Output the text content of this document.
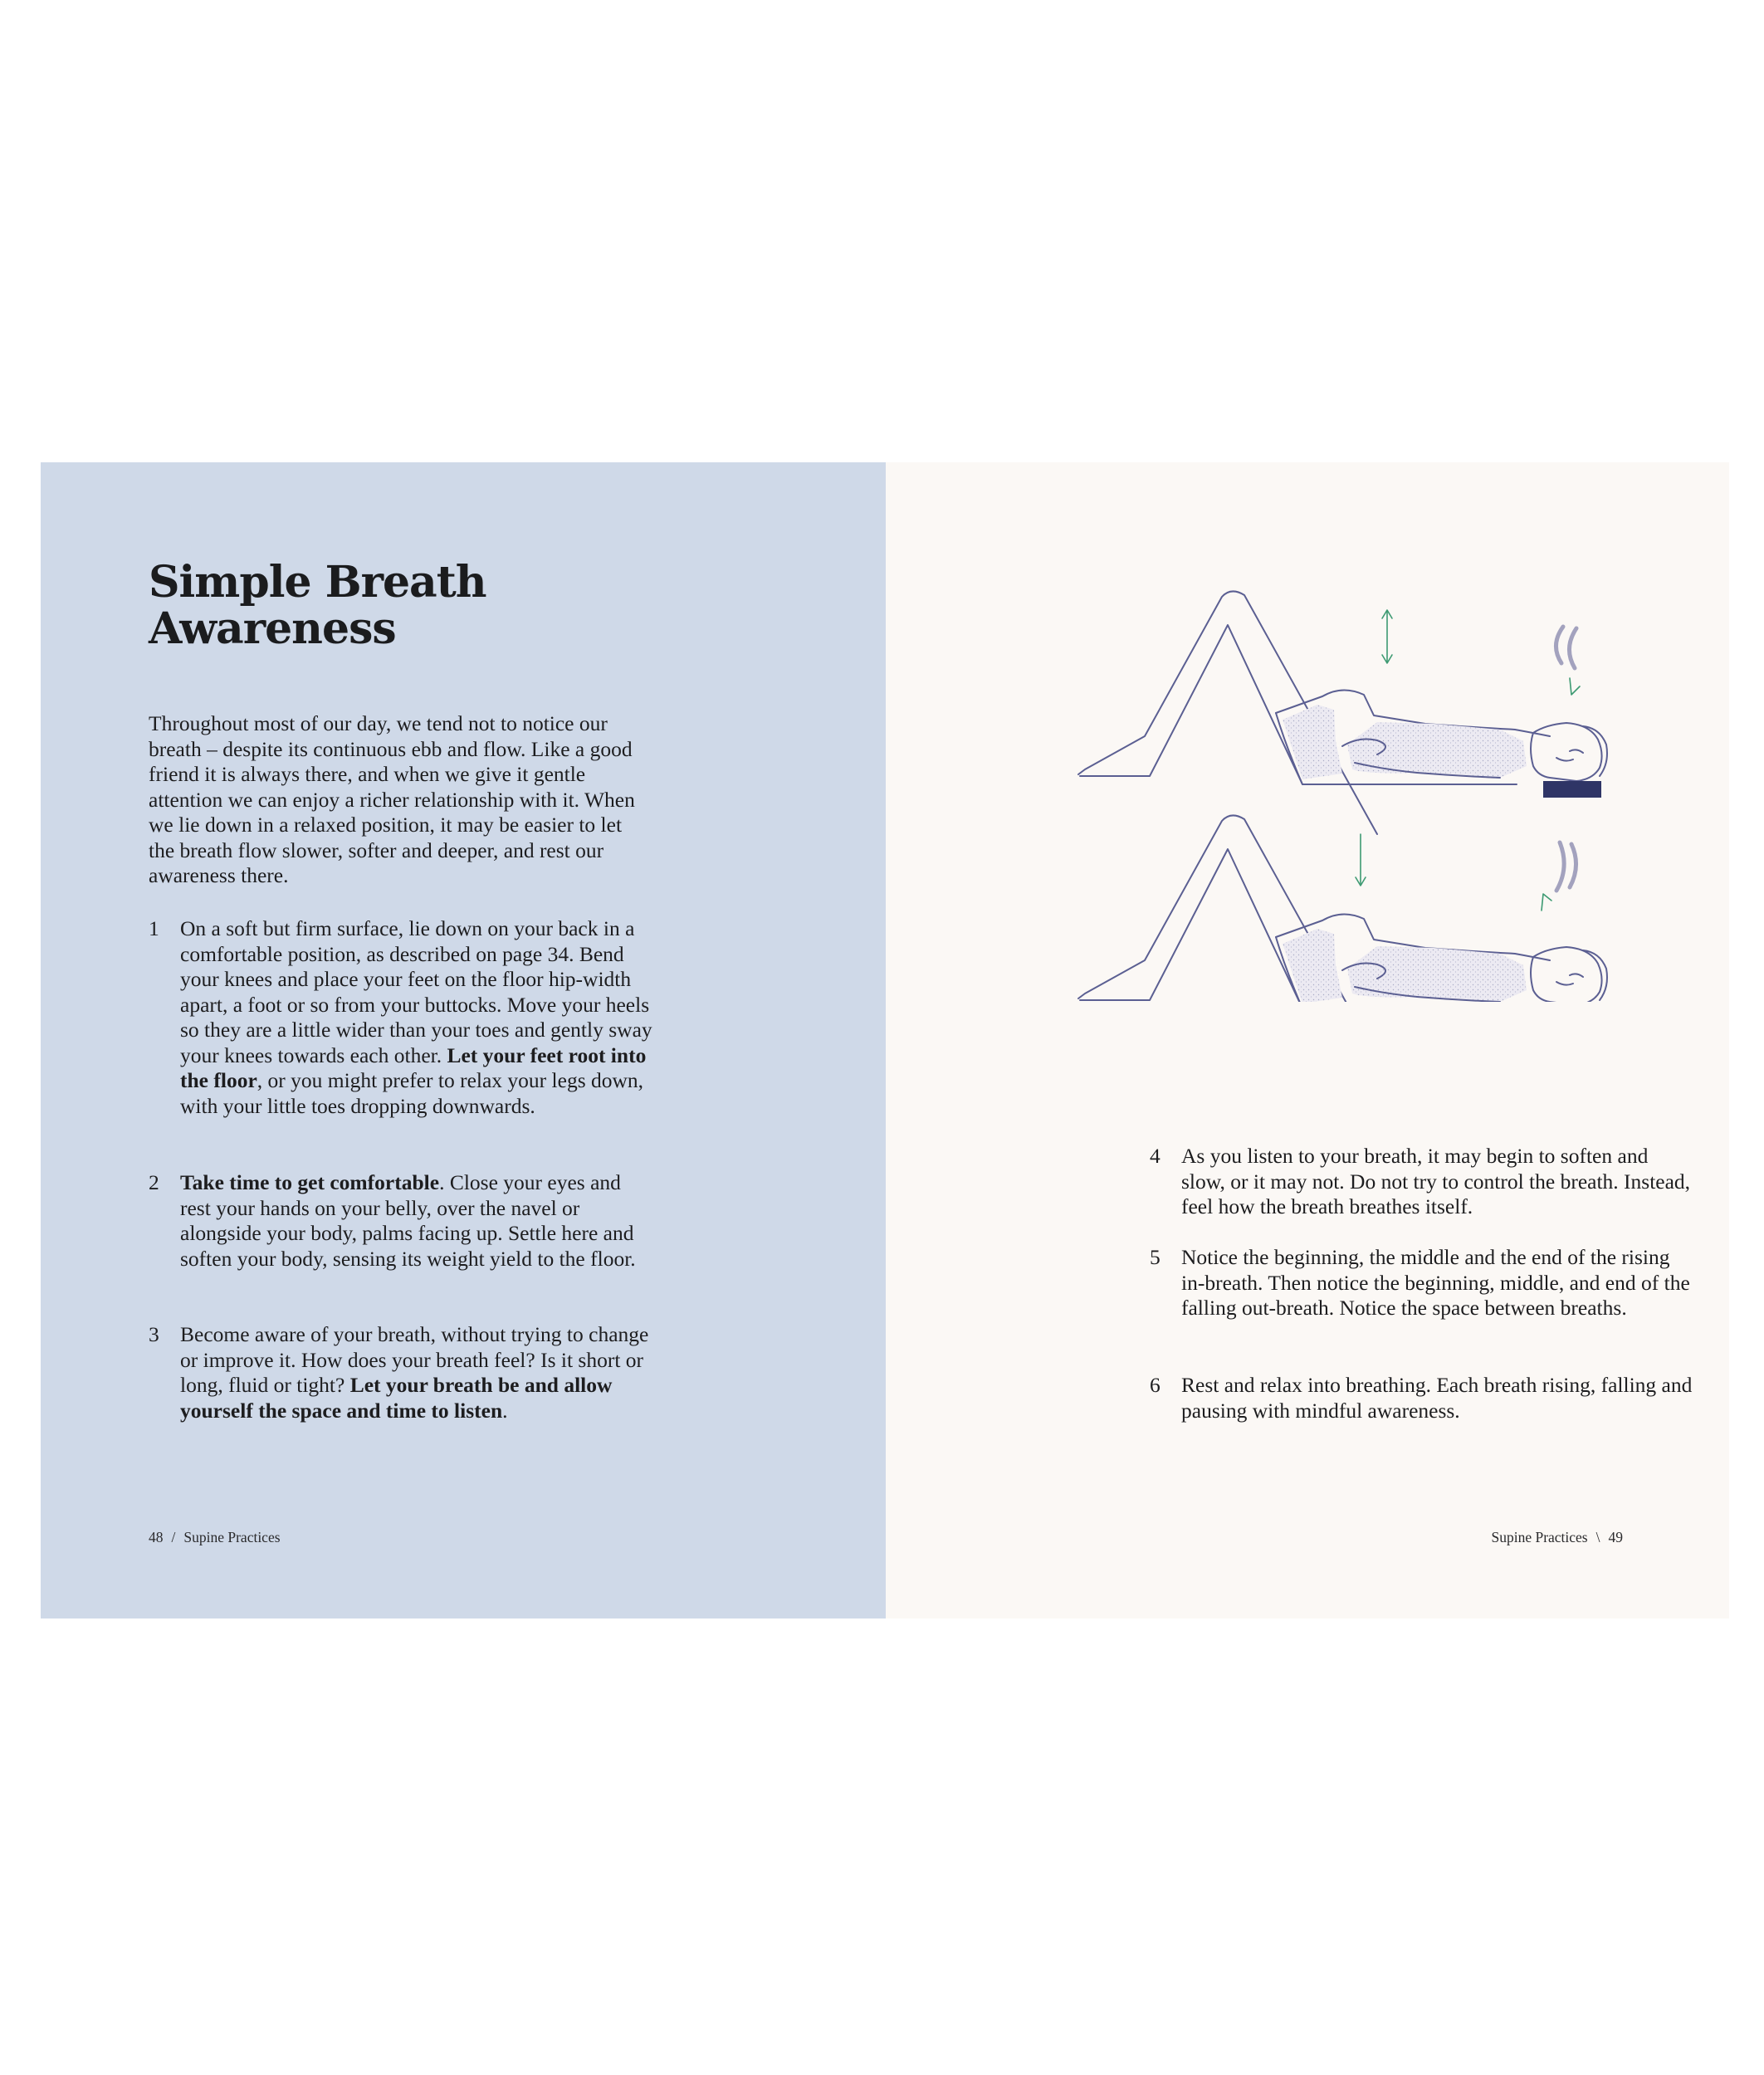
Simple Breath
Awareness

Throughout most of our day, we tend not to notice our breath – despite its continuous ebb and flow. Like a good friend it is always there, and when we give it gentle attention we can enjoy a richer relationship with it. When we lie down in a relaxed position, it may be easier to let the breath flow slower, softer and deeper, and rest our awareness there.

1 On a soft but firm surface, lie down on your back in a comfortable position, as described on page 34. Bend your knees and place your feet on the floor hip-width apart, a foot or so from your buttocks. Move your heels so they are a little wider than your toes and gently sway your knees towards each other. Let your feet root into the floor, or you might prefer to relax your legs down, with your little toes dropping downwards.

2 Take time to get comfortable. Close your eyes and rest your hands on your belly, over the navel or alongside your body, palms facing up. Settle here and soften your body, sensing its weight yield to the floor.

3 Become aware of your breath, without trying to change or improve it. How does your breath feel? Is it short or long, fluid or tight? Let your breath be and allow yourself the space and time to listen.

48 / Supine Practices
4 As you listen to your breath, it may begin to soften and slow, or it may not. Do not try to control the breath. Instead, feel how the breath breathes itself.

5 Notice the beginning, the middle and the end of the rising in-breath. Then notice the beginning, middle, and end of the falling out-breath. Notice the space between breaths.

6 Rest and relax into breathing. Each breath rising, falling and pausing with mindful awareness.

Supine Practices \ 49
